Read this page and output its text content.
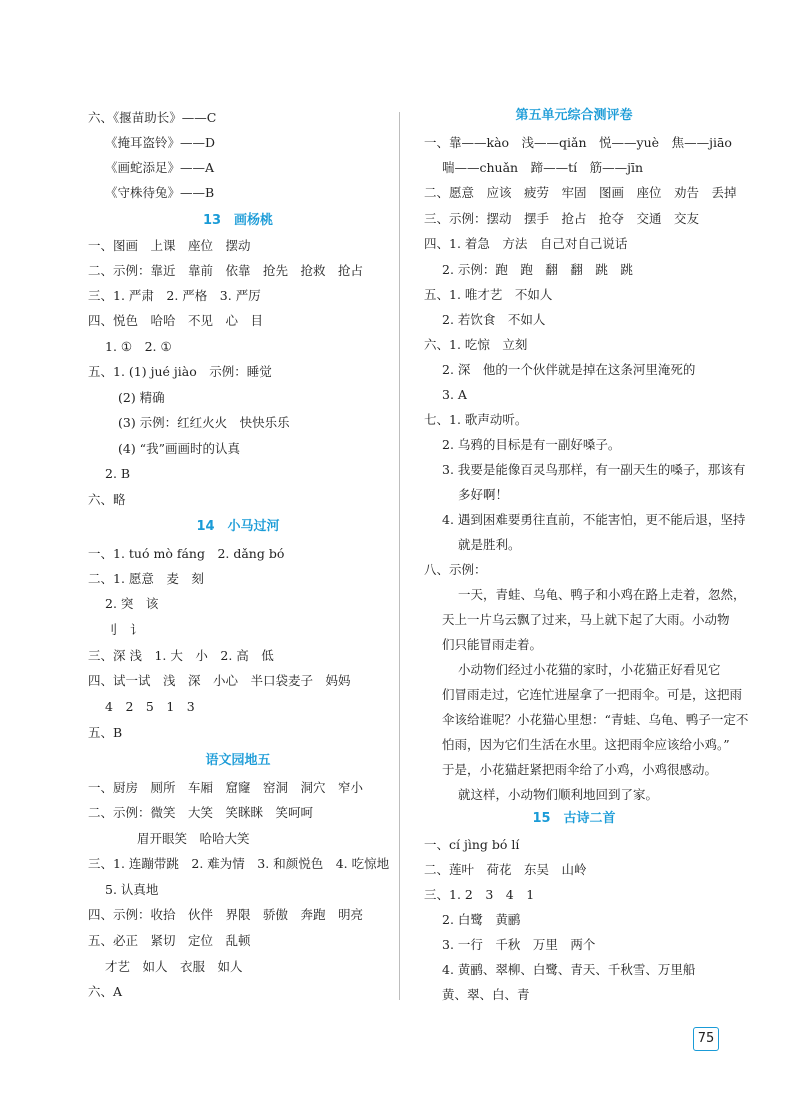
六、《揠苗助长》——C
《掩耳盗铃》——D
《画蛇添足》——A
《守株待兔》——B
13　画杨桃
一、图画　上课　座位　摆动
二、示例：靠近　靠前　依靠　抢先　抢救　抢占
三、1. 严肃　2. 严格　3. 严厉
四、悦色　哈哈　不见　心　目
1. ①　2. ①
五、1. (1) jué jiào　示例：睡觉
(2) 精确
(3) 示例：红红火火　快快乐乐
(4) “我”画画时的认真
2. B
六、略
14　小马过河
一、1. tuó mò fáng　2. dǎng bó
二、1. 愿意　麦　刻
2. 突　该
刂　讠
三、深 浅　1. 大　小　2. 高　低
四、试一试　浅　深　小心　半口袋麦子　妈妈
4　2　5　1　3
五、B
语文园地五
一、厨房　厕所　车厢　窟窿　窑洞　洞穴　窄小
二、示例：微笑　大笑　笑眯眯　笑呵呵
眉开眼笑　哈哈大笑
三、1. 连蹦带跳　2. 难为情　3. 和颜悦色　4. 吃惊地
5. 认真地
四、示例：收拾　伙伴　界限　骄傲　奔跑　明亮
五、必正　紧切　定位　乱顿
才艺　如人　衣服　如人
六、A
第五单元综合测评卷
一、靠——kào　浅——qiǎn　悦——yuè　焦——jiāo
喘——chuǎn　蹄——tí　筋——jīn
二、愿意　应该　疲劳　牢固　图画　座位　劝告　丢掉
三、示例：摆动　摆手　抢占　抢夺　交通　交友
四、1. 着急　方法　自己对自己说话
2. 示例：跑　跑　翻　翻　跳　跳
五、1. 唯才艺　不如人
2. 若饮食　不如人
六、1. 吃惊　立刻
2. 深　他的一个伙伴就是掉在这条河里淹死的
3. A
七、1. 歌声动听。
2. 乌鸦的目标是有一副好嗓子。
3. 我要是能像百灵鸟那样，有一副天生的嗓子，那该有
多好啊！
4. 遇到困难要勇往直前，不能害怕，更不能后退，坚持
就是胜利。
八、示例：
一天，青蛙、乌龟、鸭子和小鸡在路上走着，忽然，
天上一片乌云飘了过来，马上就下起了大雨。小动物
们只能冒雨走着。
小动物们经过小花猫的家时，小花猫正好看见它
们冒雨走过，它连忙进屋拿了一把雨伞。可是，这把雨
伞该给谁呢？小花猫心里想：“青蛙、乌龟、鸭子一定不
怕雨，因为它们生活在水里。这把雨伞应该给小鸡。”
于是，小花猫赶紧把雨伞给了小鸡，小鸡很感动。
就这样，小动物们顺利地回到了家。
15　古诗二首
一、cí jìng bó lí
二、莲叶　荷花　东吴　山岭
三、1. 2　3　4　1
2. 白鹭　黄鹂
3. 一行　千秋　万里　两个
4. 黄鹂、翠柳、白鹭、青天、千秋雪、万里船
黄、翠、白、青
75
